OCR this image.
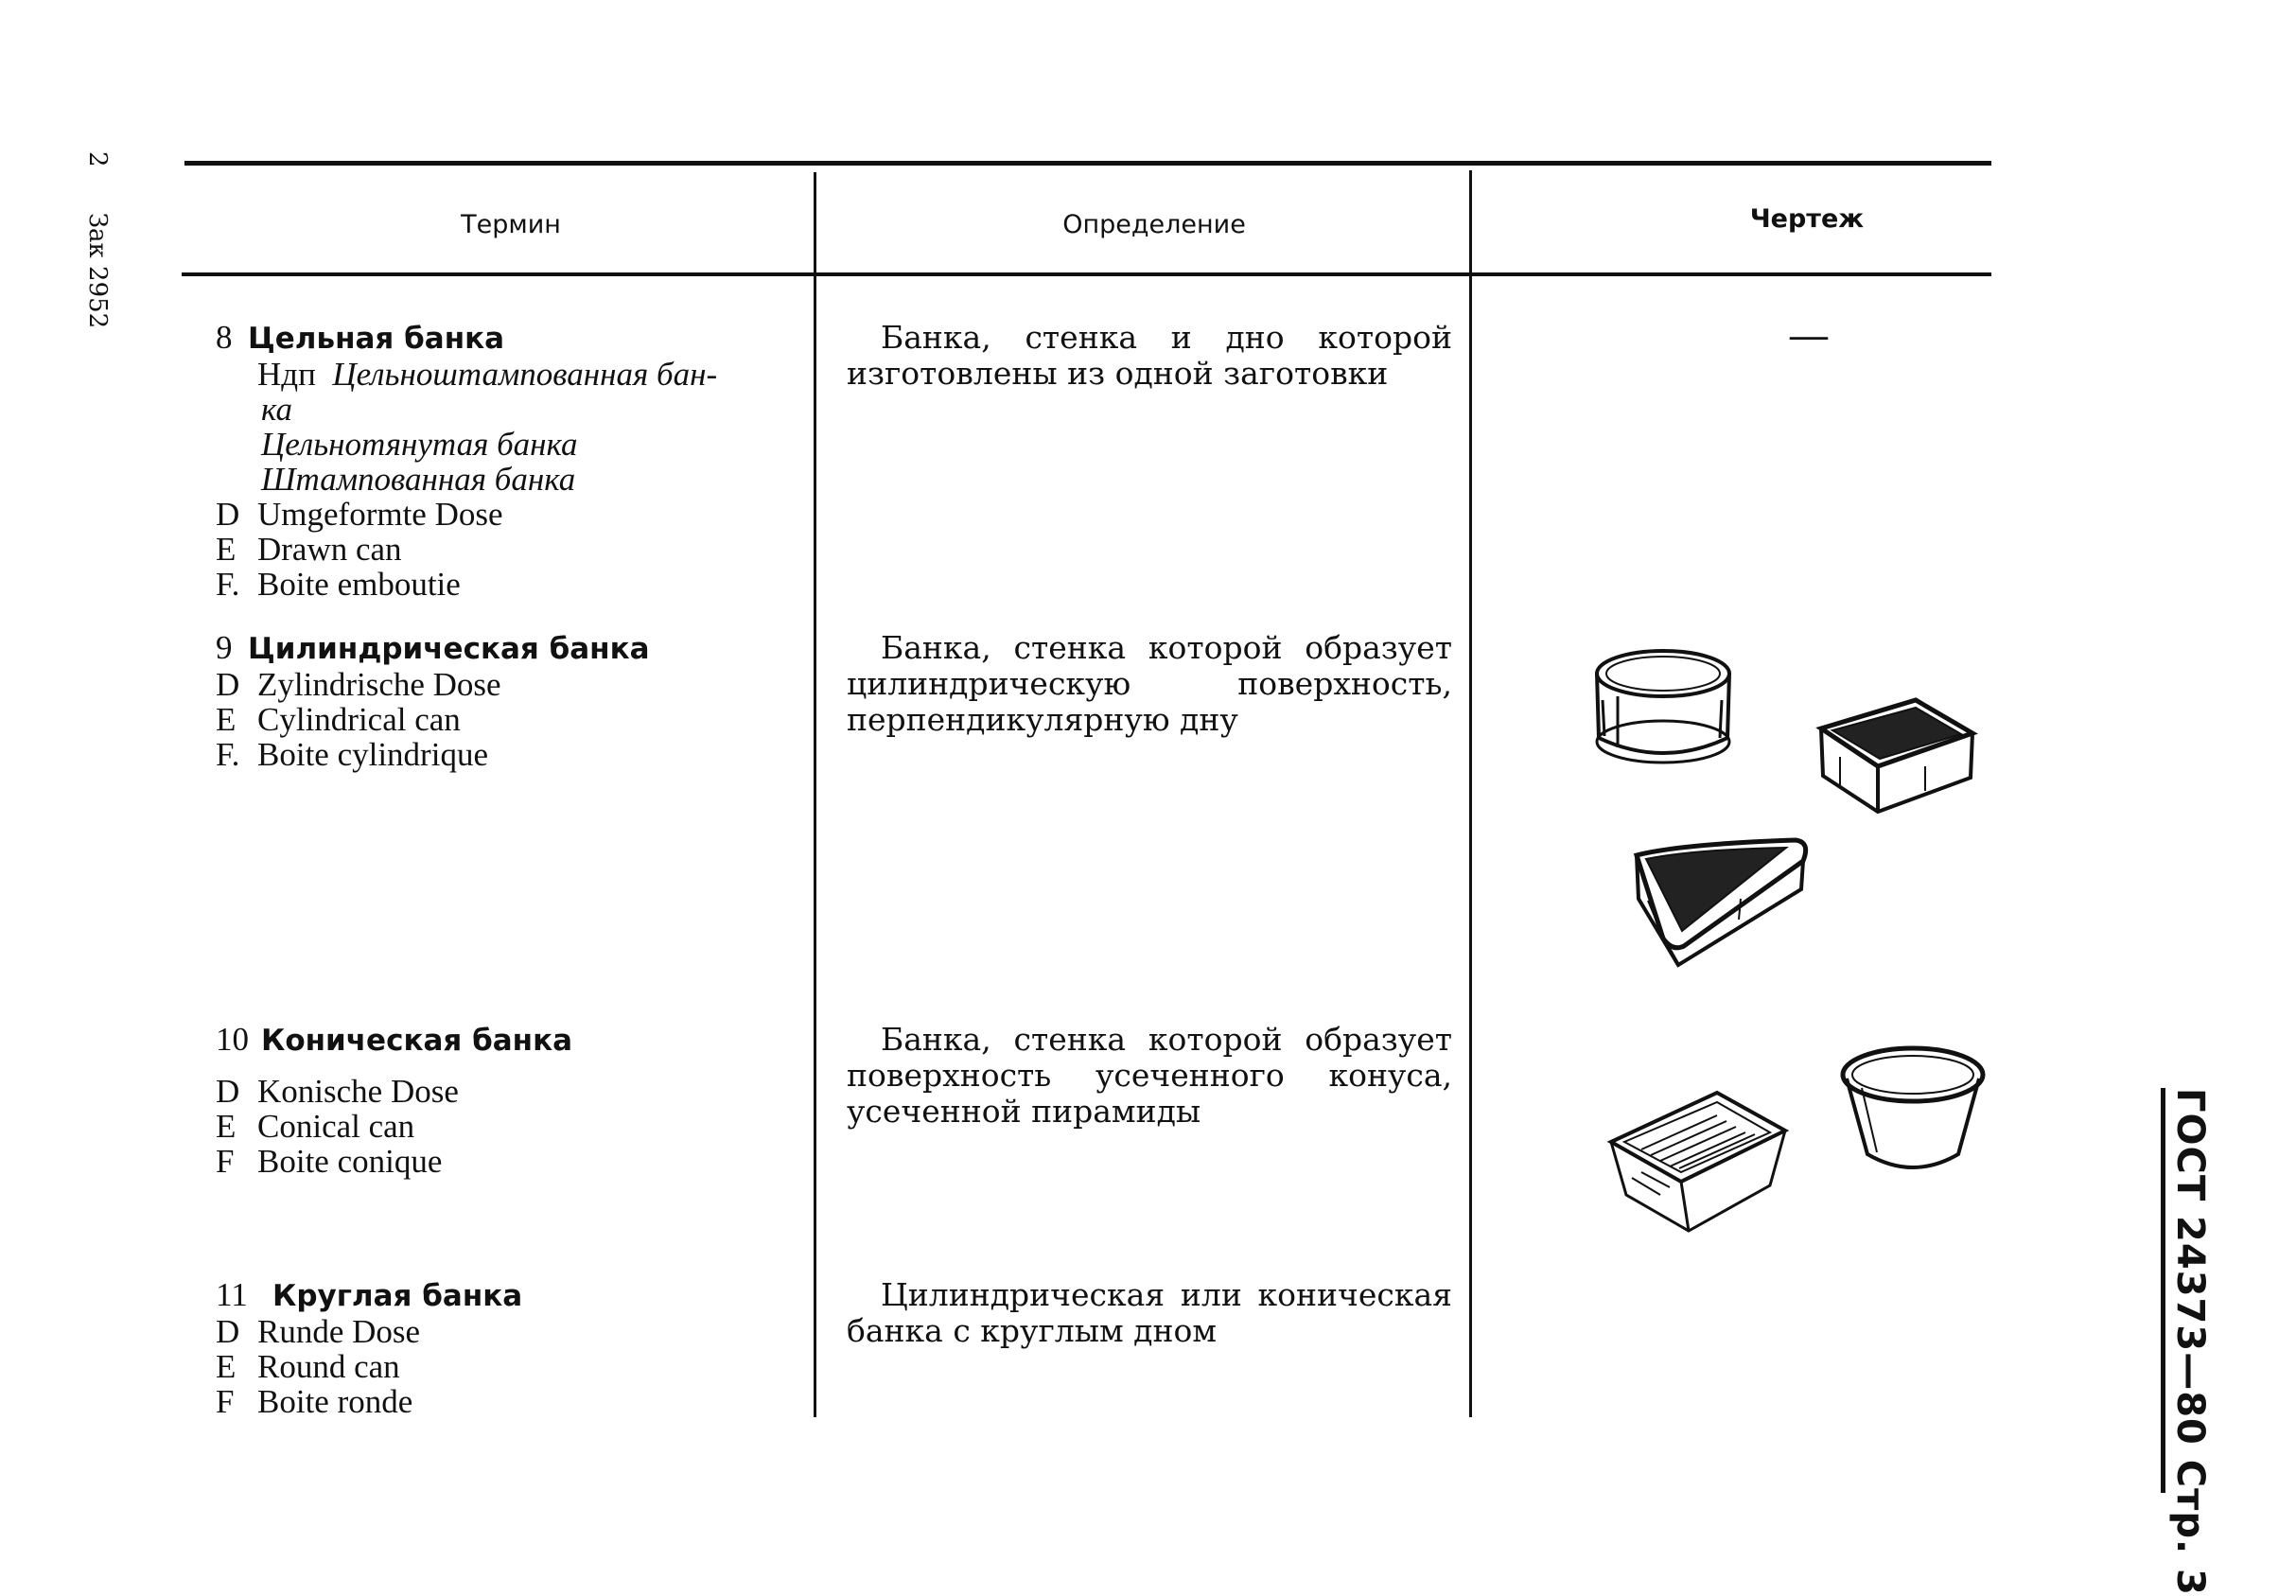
2 Зак 2952
ГОСТ 24373—80 Стр. 3
Термин	Определение	Чертеж
8 Цельная банка
Ндп Цельноштампованная бан-
ка
Цельнотянутая банка
Штампованная банка
D Umgeformte Dose
E Drawn can
F. Boite emboutie

Банка, стенка и дно которой изготовлены из одной заготовки

—
9 Цилиндрическая банка
D Zylindrische Dose
E Cylindrical can
F. Boite cylindrique

Банка, стенка которой образует цилиндрическую поверхность, перпендикулярную дну

10 Коническая банка
D Konische Dose
E Conical can
F Boite conique

Банка, стенка которой образует поверхность усеченного конуса, усеченной пирамиды

11 Круглая банка
D Runde Dose
E Round can
F Boite ronde

Цилиндрическая или коническая банка с круглым дном
